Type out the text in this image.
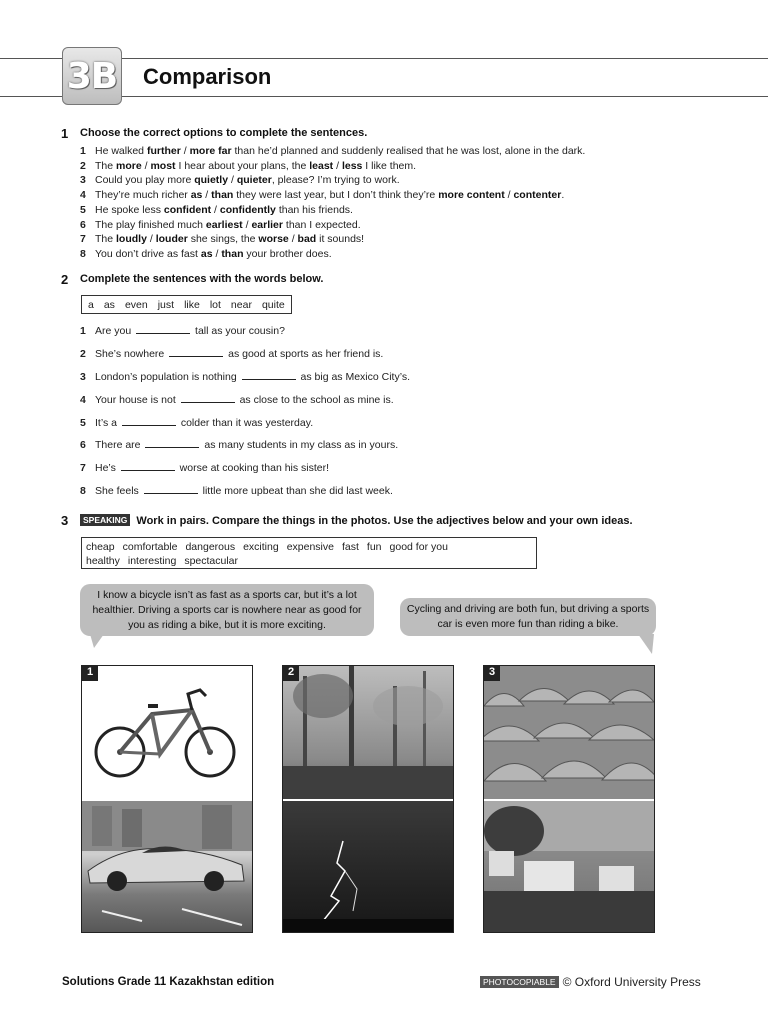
3B Comparison
1 Choose the correct options to complete the sentences.
1 He walked further / more far than he’d planned and suddenly realised that he was lost, alone in the dark.
2 The more / most I hear about your plans, the least / less I like them.
3 Could you play more quietly / quieter, please? I’m trying to work.
4 They’re much richer as / than they were last year, but I don’t think they’re more content / contenter.
5 He spoke less confident / confidently than his friends.
6 The play finished much earliest / earlier than I expected.
7 The loudly / louder she sings, the worse / bad it sounds!
8 You don’t drive as fast as / than your brother does.
2 Complete the sentences with the words below.
a as even just like lot near quite
1 Are you	tall as your cousin?
2 She’s nowhere	as good at sports as her friend is.
3 London’s population is nothing	as big as Mexico City’s.
4 Your house is not	as close to the school as mine is.
5 It’s a	colder than it was yesterday.
6 There are	as many students in my class as in yours.
7 He’s	worse at cooking than his sister!
8 She feels	little more upbeat than she did last week.
3	SPEAKING Work in pairs. Compare the things in the photos. Use the adjectives below and your own ideas.
cheap comfortable dangerous exciting expensive fast fun good for you
healthy interesting spectacular
I know a bicycle isn’t as fast as a sports car, but it’s a lot healthier. Driving a sports car is nowhere near as good for you as riding a bike, but it is more exciting.
Cycling and driving are both fun, but driving a sports car is even more fun than riding a bike.
1	2	3
Solutions Grade 11 Kazakhstan edition	PHOTOCOPIABLE © Oxford University Press
